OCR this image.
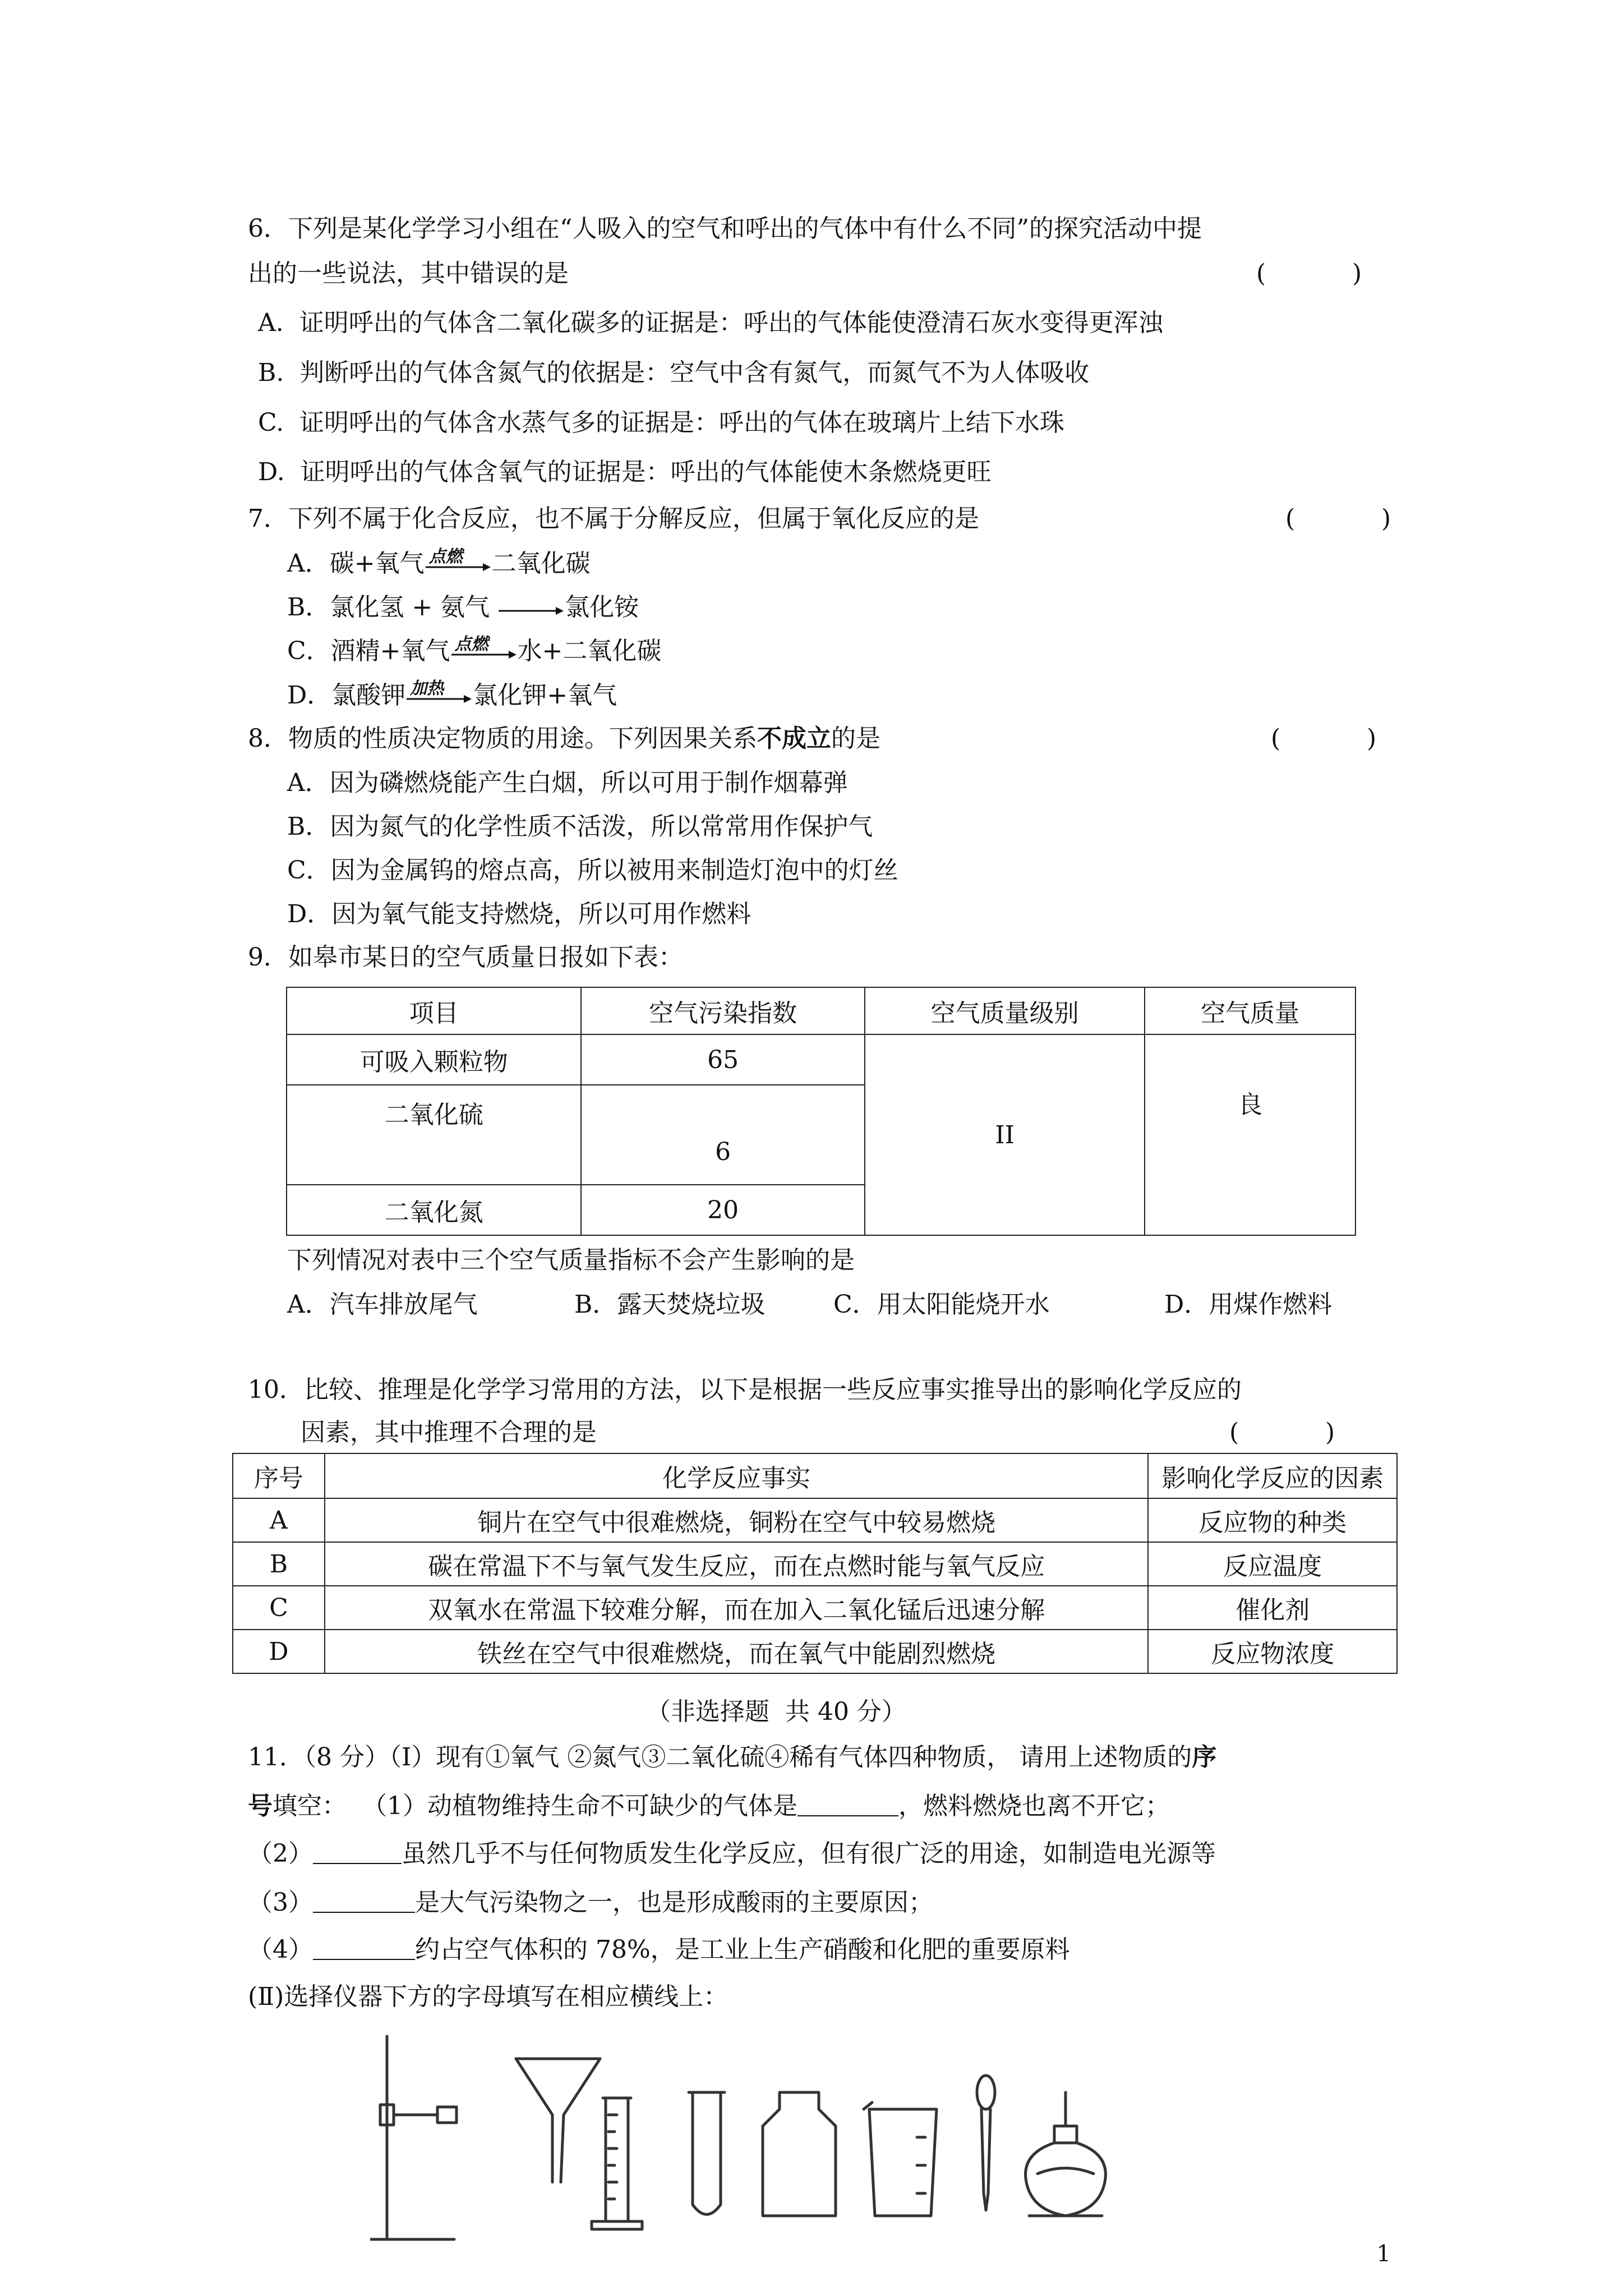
6．下列是某化学学习小组在“人吸入的空气和呼出的气体中有什么不同”的探究活动中提
出的一些说法，其中错误的是	(           )
A.  证明呼出的气体含二氧化碳多的证据是：呼出的气体能使澄清石灰水变得更浑浊
B.  判断呼出的气体含氮气的依据是：空气中含有氮气，而氮气不为人体吸收
C.  证明呼出的气体含水蒸气多的证据是：呼出的气体在玻璃片上结下水珠
D.  证明呼出的气体含氧气的证据是：呼出的气体能使木条燃烧更旺
7．下列不属于化合反应，也不属于分解反应，但属于氧化反应的是	(           )
A．碳+氧气 点燃 二氧化碳
B．氯化氢 + 氨气 →氯化铵
C．酒精+氧气 点燃 水+二氧化碳
D．氯酸钾 加热 氯化钾+氧气
8．物质的性质决定物质的用途。下列因果关系不成立的是	(           )
A．因为磷燃烧能产生白烟，所以可用于制作烟幕弹
B．因为氮气的化学性质不活泼，所以常常用作保护气
C．因为金属钨的熔点高，所以被用来制造灯泡中的灯丝
D．因为氧气能支持燃烧，所以可用作燃料
9．如皋市某日的空气质量日报如下表：
项目	空气污染指数	空气质量级别	空气质量
可吸入颗粒物	65	II	良
二氧化硫	6		
二氧化氮	20		
下列情况对表中三个空气质量指标不会产生影响的是
A．汽车排放尾气	B．露天焚烧垃圾	C．用太阳能烧开水	D．用煤作燃料
10．比较、推理是化学学习常用的方法，以下是根据一些反应事实推导出的影响化学反应的
因素，其中推理不合理的是	(           )
序号	化学反应事实	影响化学反应的因素
A	铜片在空气中很难燃烧，铜粉在空气中较易燃烧	反应物的种类
B	碳在常温下不与氧气发生反应，而在点燃时能与氧气反应	反应温度
C	双氧水在常温下较难分解，而在加入二氧化锰后迅速分解	催化剂
D	铁丝在空气中很难燃烧，而在氧气中能剧烈燃烧	反应物浓度
（非选择题  共 40 分）
11．（8 分）（Ⅰ）现有①氧气 ②氮气③二氧化硫④稀有气体四种物质， 请用上述物质的序
号填空：  （1）动植物维持生命不可缺少的气体是	，燃料燃烧也离不开它；
（2）	虽然几乎不与任何物质发生化学反应，但有很广泛的用途，如制造电光源等
（3）	是大气污染物之一，也是形成酸雨的主要原因；
（4）	约占空气体积的 78%，是工业上生产硝酸和化肥的重要原料
(Ⅱ)选择仪器下方的字母填写在相应横线上：
1
